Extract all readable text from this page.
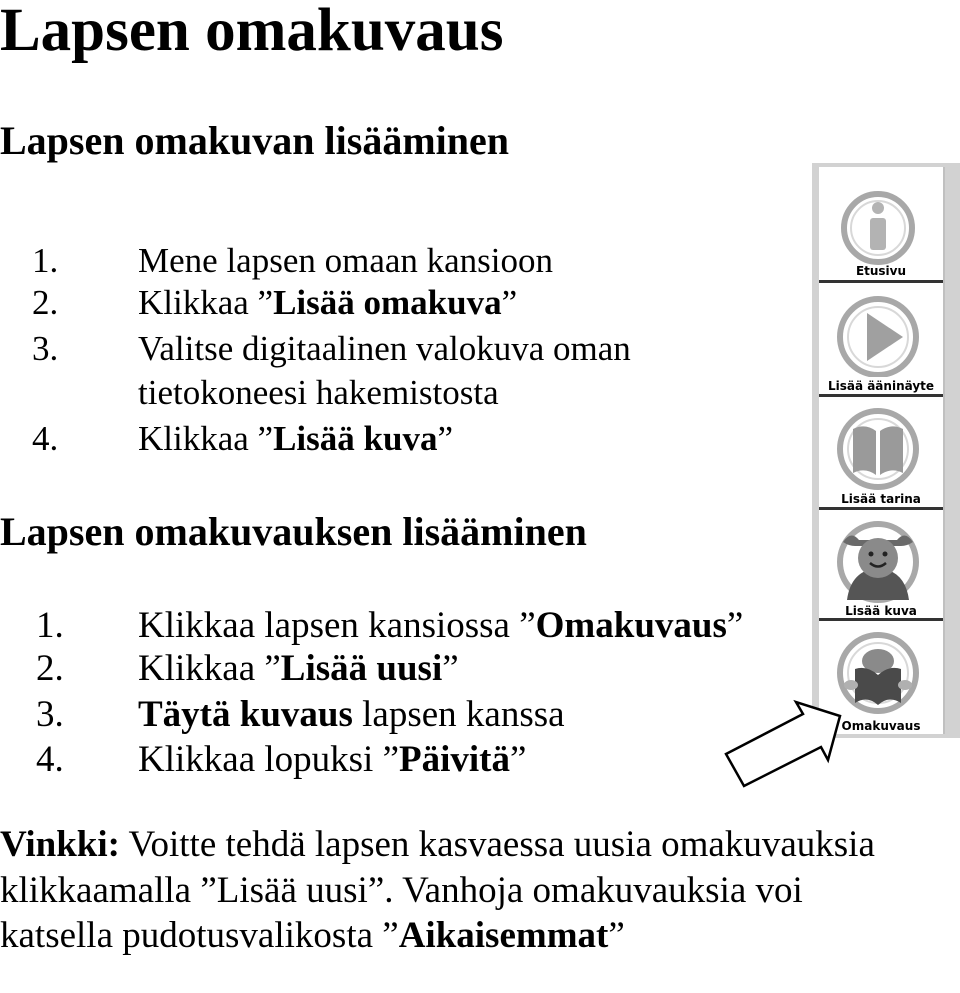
Lapsen omakuvaus
Lapsen omakuvan lisääminen
1. Mene lapsen omaan kansioon
2. Klikkaa ”Lisää omakuva”
3. Valitse digitaalinen valokuva oman
tietokoneesi hakemistosta
4. Klikkaa ”Lisää kuva”
Lapsen omakuvauksen lisääminen
1. Klikkaa lapsen kansiossa ”Omakuvaus”
2. Klikkaa ”Lisää uusi”
3. Täytä kuvaus lapsen kanssa
4. Klikkaa lopuksi ”Päivitä”

Vinkki: Voitte tehdä lapsen kasvaessa uusia omakuvauksia klikkaamalla ”Lisää uusi”. Vanhoja omakuvauksia voi katsella pudotusvalikosta ”Aikaisemmat”

Etusivu
Lisää ääninäyte
Lisää tarina
Lisää kuva
Omakuvaus
